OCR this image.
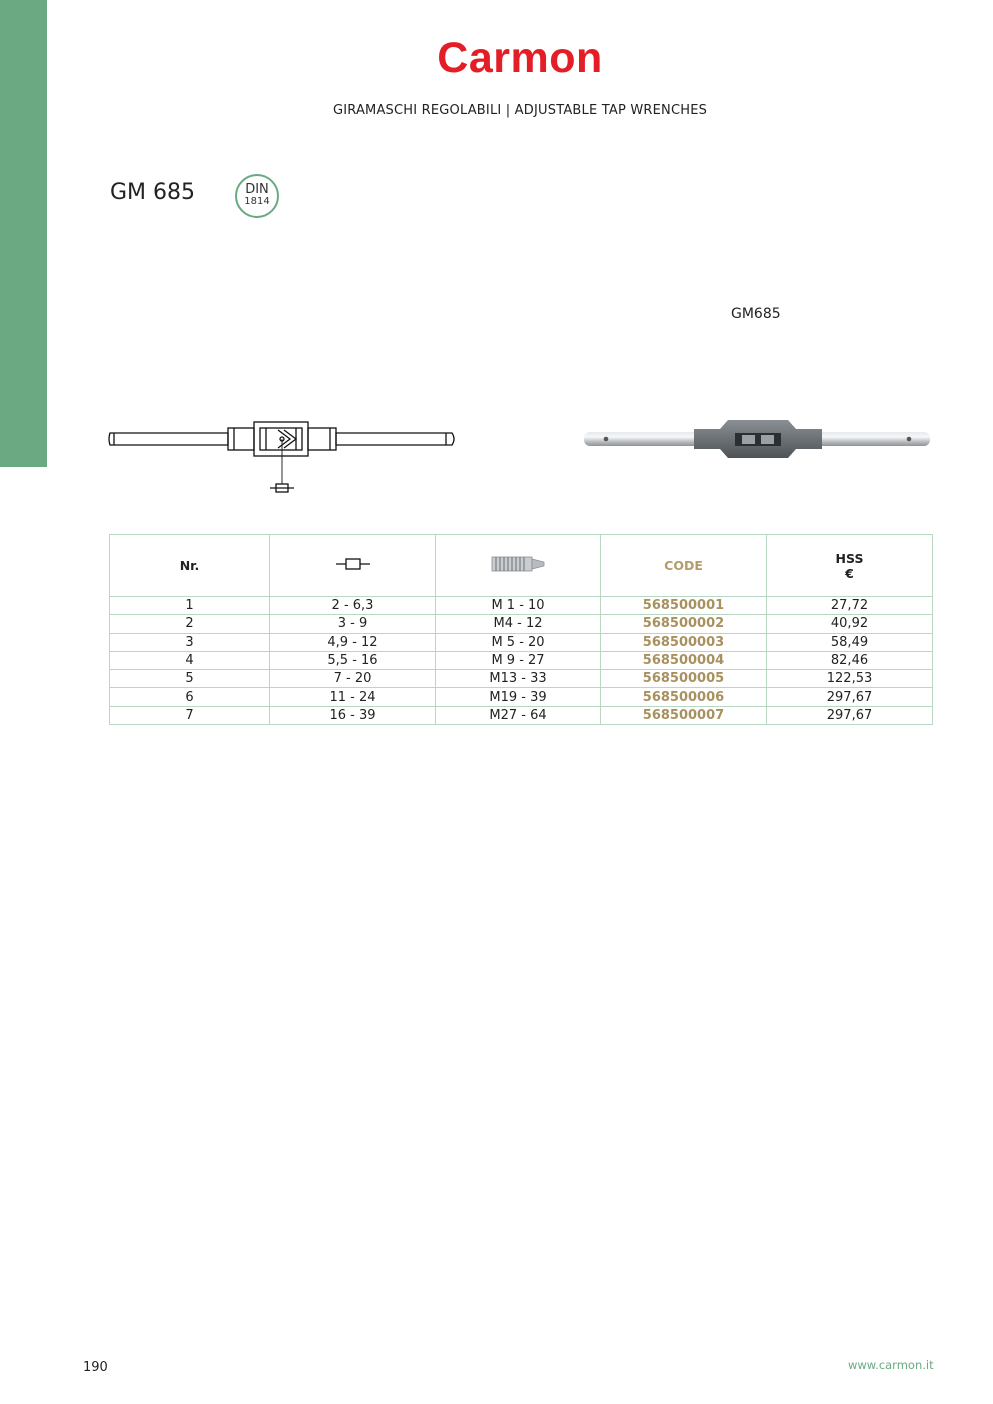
Carmon
GIRAMASCHI REGOLABILI | ADJUSTABLE TAP WRENCHES
GM 685	DIN
1814
GM685
Nr.			CODE	HSS
€
1	2 - 6,3	M 1 - 10	568500001	27,72
2	3 - 9	M4 - 12	568500002	40,92
3	4,9 - 12	M 5 - 20	568500003	58,49
4	5,5 - 16	M 9 - 27	568500004	82,46
5	7 - 20	M13 - 33	568500005	122,53
6	11 - 24	M19 - 39	568500006	297,67
7	16 - 39	M27 - 64	568500007	297,67
190	www.carmon.it
